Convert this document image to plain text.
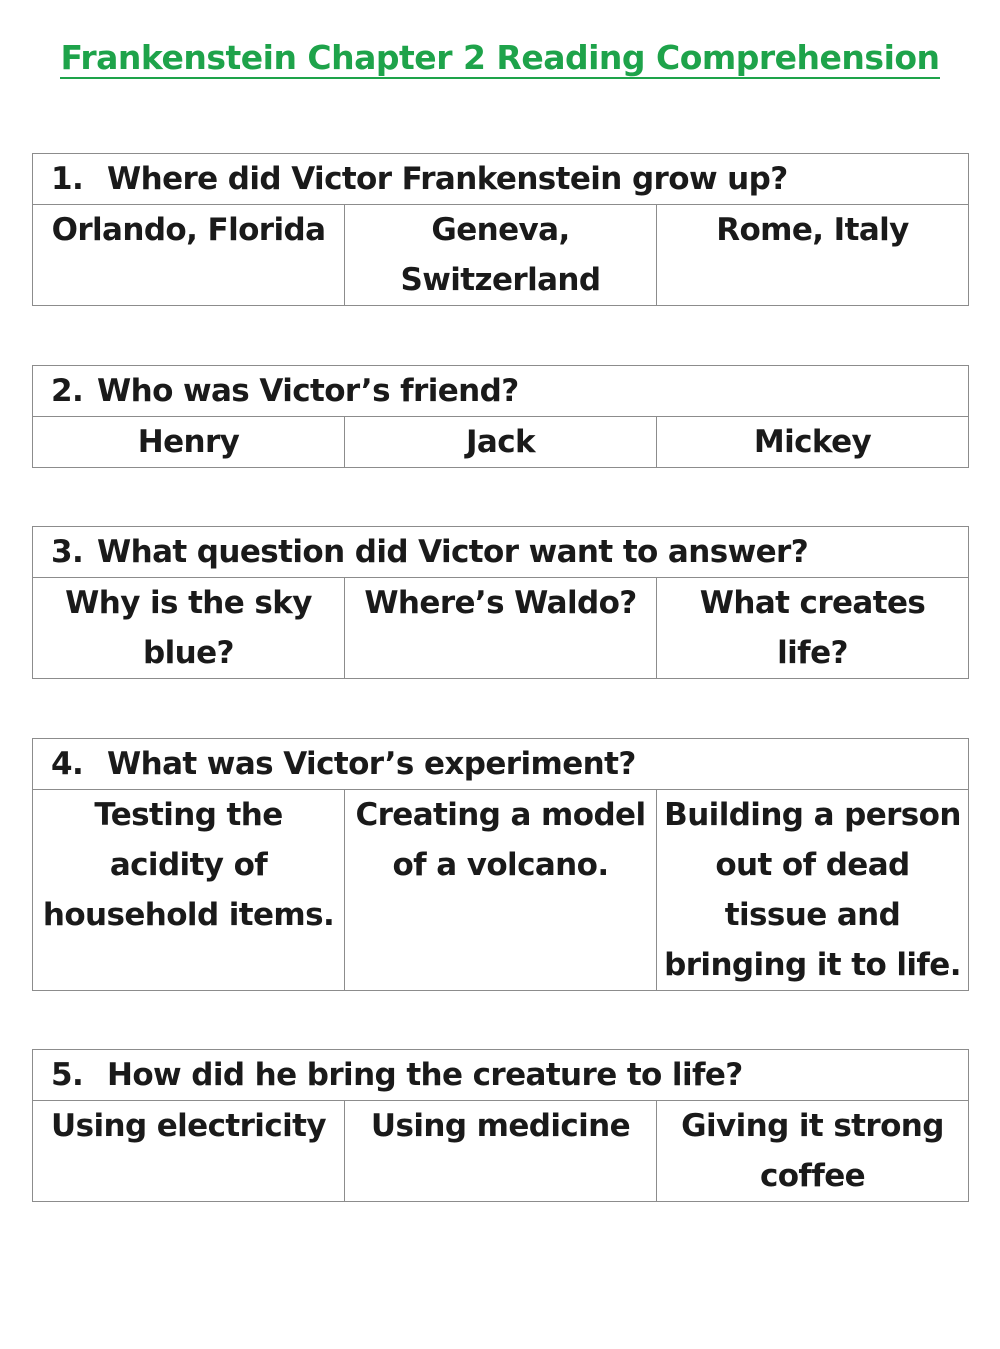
Frankenstein Chapter 2 Reading Comprehension
1. Where did Victor Frankenstein grow up?
Orlando, Florida	Geneva, Switzerland	Rome, Italy
2. Who was Victor’s friend?
Henry	Jack	Mickey
3. What question did Victor want to answer?
Why is the sky blue?	Where’s Waldo?	What creates life?
4. What was Victor’s experiment?
Testing the acidity of household items.	Creating a model of a volcano.	Building a person out of dead tissue and bringing it to life.
5. How did he bring the creature to life?
Using electricity	Using medicine	Giving it strong coffee
